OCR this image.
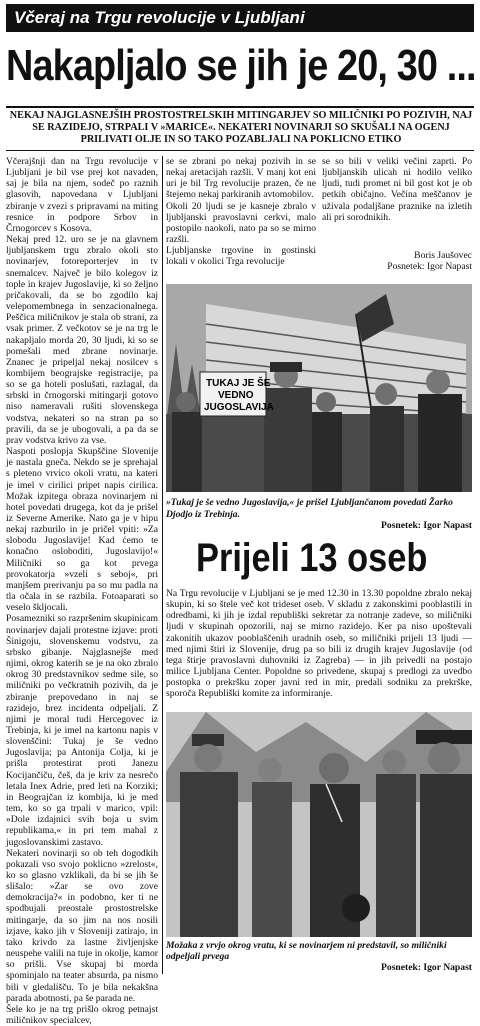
Včeraj na Trgu revolucije v Ljubljani
Nakapljalo se jih je 20, 30 ...
NEKAJ NAJGLASNEJŠIH PROSTOSTRELSKIH MITINGARJEV SO MILIČNIKI PO POZIVIH, NAJ SE RAZIDEJO, STRPALI V »MARICE«. NEKATERI NOVINARJI SO SKUŠALI NA OGENJ PRILIVATI OLJE IN SO TAKO POZABLJALI NA POKLICNO ETIKO
Včerajšnji dan na Trgu revolucije v Ljubljani je bil vse prej kot navaden, saj je bila na njem, sodeč po raznih glasovih, napovedana v Ljubljani zbiranje v zvezi s pripravami na miting resnice in podpore Srbov in Črnogorcev s Kosova.
Nekaj pred 12. uro se je na glavnem ljubljanskem trgu zbralo okoli sto novinarjev, fotoreporterjev in tv snemalcev. Največ je bilo kolegov iz tople in krajev Jugoslavije, ki so željno pričakovali, da se bo zgodilo kaj velepomembnega in senzacionalnega. Peščica miličnikov je stala ob strani, za vsak primer. Z večkotov se je na trg le nakapljalo morda 20, 30 ljudi, ki so se pomešali med zbrane novinarje. Znanec je pripeljal nekaj nosilcev s kombijem beograjske registracije, pa so se ga hoteli poslušati, razlagal, da srbski in črnogorski mitingarji gotovo niso nameravali rušiti slovenskega vodstva, nekateri so na stran pa so pravili, da se je ubogovali, a pa da se prav vodstva krivo za vse.
Naspoti poslopja Skupščine Slovenije je nastala gneča. Nekdo se je sprehajal s pleteno vrvico okoli vratu, na kateri je imel v cirilici pripet napis cirilica. Možak izpitega obraza novinarjem ni hotel povedati drugega, kot da je prišel iz Severne Amerike. Nato ga je v hipu nekaj razburilo in je pričel vpiti: »Za slobodu Jugoslavije! Kad ćemo te konačno osloboditi, Jugoslavijo!« Miličniki so ga kot prvega provokatorja »vzeli s seboj«, pri manjšem prerivanju pa so mu padla na tla očala in se razbila. Fotoaparati so veselo škljocali.
Posamezniki so razpršenim skupinicam novinarjev dajali protestne izjave: proti Šinigoju, slovenskemu vodstvu, za srbsko gibanje. Najglasnejše med njimi, okrog katerih se je na oko zbralo okrog 30 predstavnikov sedme sile, so miličniki po večkratnih pozivih, da je zbiranje prepovedano in naj se razidejo, brez incidenta odpeljali. Z njimi je moral tudi Hercegovec iz Trebinja, ki je imel na kartonu napis v slovenščini: Tukaj je še vedno Jugoslavija; pa Antonija Colja, ki je prišla protestirat proti Janezu Kocijančiču, češ, da je kriv za nesrečo letala Inex Adrie, pred leti na Korziki; in Beograjčan iz kombija, ki je med tem, ko so ga trpali v marico, vpil: »Dole izdajnici svih boja u svim republikama,« in pri tem mahal z jugoslovanskimi zastavo.
Nekateri novinarji so ob teh dogodkih pokazali vso svojo poklicno »zrelost«, ko so glasno vzklikali, da bi se jih še slišalo: »Zar se ovo zove demokracija?« in podobno, ker ti ne spodbujali preostale prostostrelske mitingarje, da so jim na nos nosili izjave, kako jih v Sloveniji zatirajo, in tako krivdo za lastne življenjske neuspehe valili na tuje in okolje, kamor so prišli. Vse skupaj bi morda spominjalo na teater absurda, pa nismo bili v gledališču. To je bila nekakšna parada abotnosti, pa še parada ne.
Šele ko je na trg prišlo okrog petnajst miličnikov specialcev,
se se zbrani po nekaj pozivih in se nekaj aretacijah razšli. V manj kot eni uri je bil Trg revolucije prazen, če ne štejemo nekaj parkiranih avtomobilov.
Okoli 20 ljudi se je kasneje zbralo v ljubljanski pravoslavni cerkvi, malo postopilo naokoli, nato pa so se mirno razšli.
Ljubljanske trgovine in gostinski lokali v okolici Trga revolucije
se so bili v veliki večini zaprti. Po ljubljanskih ulicah ni hodilo veliko ljudi, tudi promet ni bil gost kot je ob petkih običajno. Večina meščanov je uživala podaljšane praznike na izletih ali pri sorodnikih.
Boris Jaušovec
Posnetek: Igor Napast
TUKAJ JE ŠE
VEDNO
JUGOSLAVIJA
»Tukaj je še vedno Jugoslavija,« je prišel Ljubljančanom povedati Žarko Djodjo iz Trebinja.
Posnetek: Igor Napast
Prijeli 13 oseb
Na Trgu revolucije v Ljubljani se je med 12.30 in 13.30 popoldne zbralo nekaj skupin, ki so štele več kot trideset oseb. V skladu z zakonskimi pooblastili in odredbami, ki jih je izdal republiški sekretar za notranje zadeve, so miličniki ljudi v skupinah opozorili, naj se mirno razidejo. Ker pa niso upoštevali zakonitih ukazov pooblaščenih uradnih oseb, so miličniki prijeli 13 ljudi — med njimi štiri iz Slovenije, drug pa so bili iz drugih krajev Jugoslavije (od tega štirje pravoslavni duhovniki iz Zagreba) — in jih privedli na postajo milice Ljubljana Center. Popoldne so privedene, skupaj s predlogi za uvedbo postopka o prekršku zoper javni red in mir, predali sodniku za prekrške, sporoča Republiški komite za informiranje.
Možaka z vrvjo okrog vratu, ki se novinarjem ni predstavil, so miličniki odpeljali prvega
Posnetek: Igor Napast
